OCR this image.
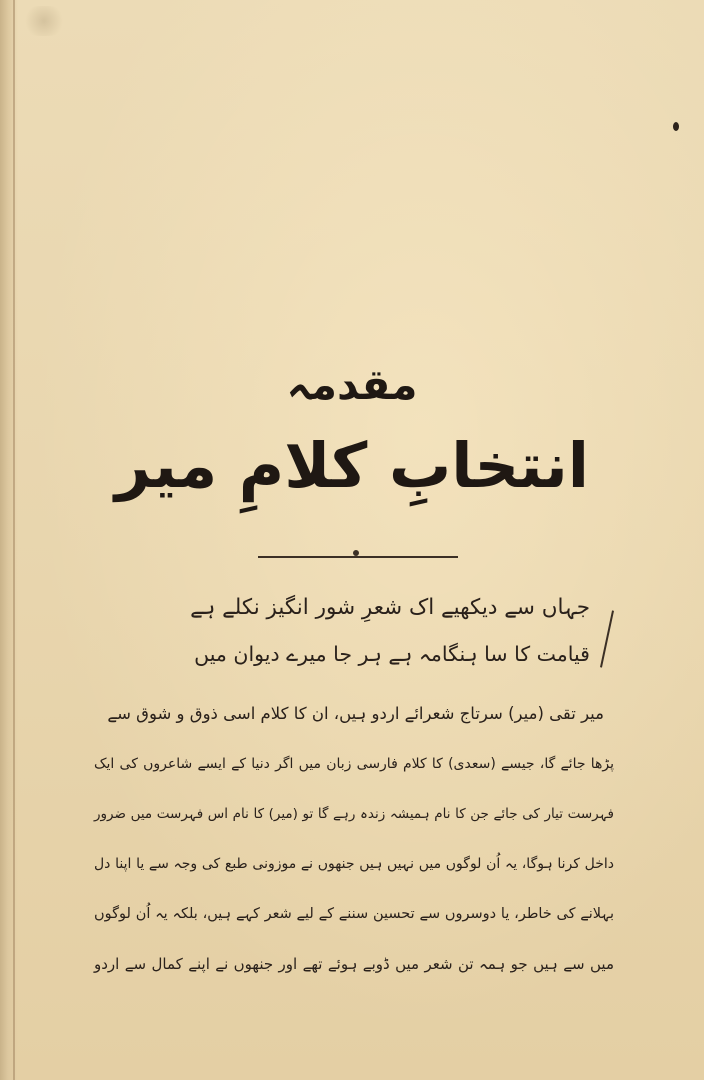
مقدمہ
انتخابِ کلامِ میر
جہاں سے دیکھیے اک شعرِ شور انگیز نکلے ہے
قیامت کا سا ہنگامہ ہے ہر جا میرے دیوان میں
میر تقی (میر) سرتاج شعرائے اردو ہیں، ان کا کلام اسی ذوق و شوق سے
پڑھا جائے گا، جیسے (سعدی) کا کلام فارسی زبان میں اگر دنیا کے ایسے شاعروں کی ایک
فہرست تیار کی جائے جن کا نام ہمیشہ زندہ رہے گا تو (میر) کا نام اس فہرست میں ضرور
داخل کرنا ہوگا، یہ اُن لوگوں میں نہیں ہیں جنھوں نے موزونی طبع کی وجہ سے یا اپنا دل
بہلانے کی خاطر، یا دوسروں سے تحسین سننے کے لیے شعر کہے ہیں، بلکہ یہ اُن لوگوں
میں سے ہیں جو ہمہ تن شعر میں ڈوبے ہوئے تھے اور جنھوں نے اپنے کمال سے اردو
